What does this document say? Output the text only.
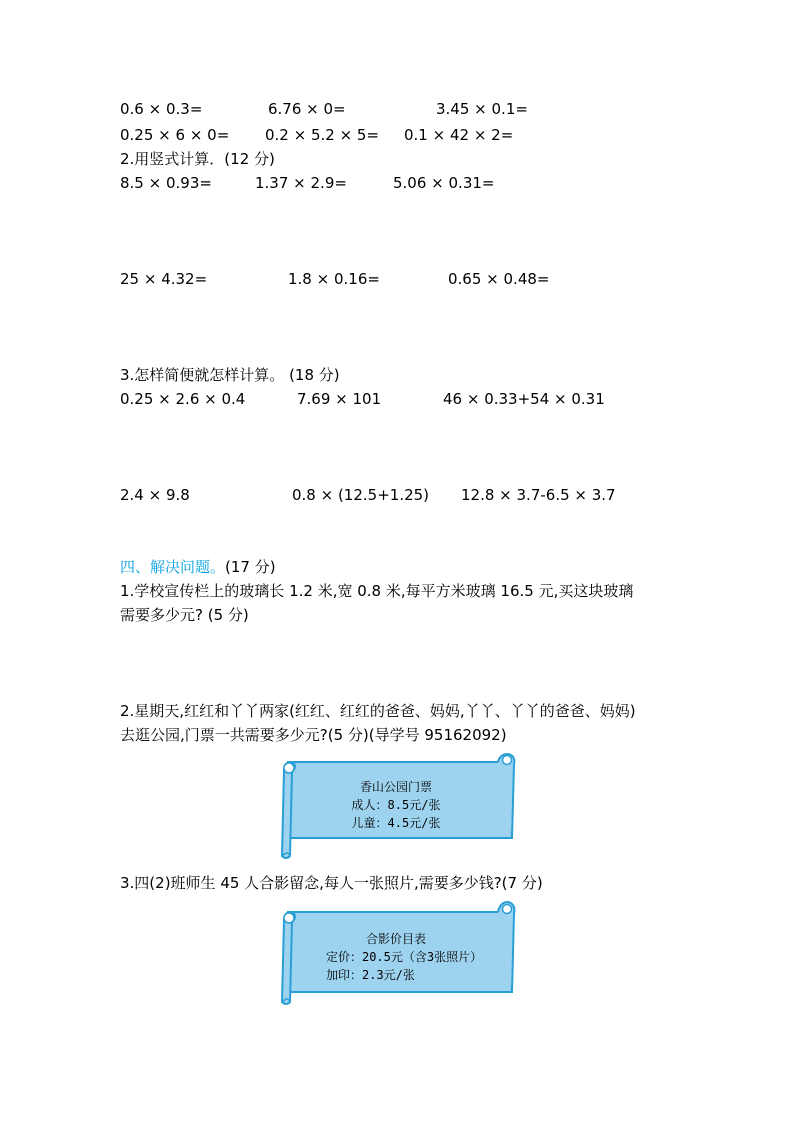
0.6 × 0.3=	6.76 × 0=	3.45 × 0.1=
0.25 × 6 × 0= 0.2 × 5.2 × 5= 0.1 × 42 × 2=
2.用竖式计算．(12 分)
8.5 × 0.93=	1.37 × 2.9=	5.06 × 0.31=
25 × 4.32=	1.8 × 0.16=	0.65 × 0.48=
3.怎样简便就怎样计算。 (18 分)
0.25 × 2.6 × 0.4	7.69 × 101	46 × 0.33+54 × 0.31
2.4 × 9.8	0.8 × (12.5+1.25) 12.8 × 3.7-6.5 × 3.7
四、解决问题。(17 分)
1.学校宣传栏上的玻璃长 1.2 米,宽 0.8 米,每平方米玻璃 16.5 元,买这块玻璃
需要多少元? (5 分)
2.星期天,红红和丫丫两家(红红、红红的爸爸、妈妈,丫丫、丫丫的爸爸、妈妈)
去逛公园,门票一共需要多少元?(5 分)(导学号 95162092)
香山公园门票
成人：8.5元/张
儿童：4.5元/张
3.四(2)班师生 45 人合影留念,每人一张照片,需要多少钱?(7 分)
合影价目表
定价：20.5元（含3张照片）
加印：2.3元/张
